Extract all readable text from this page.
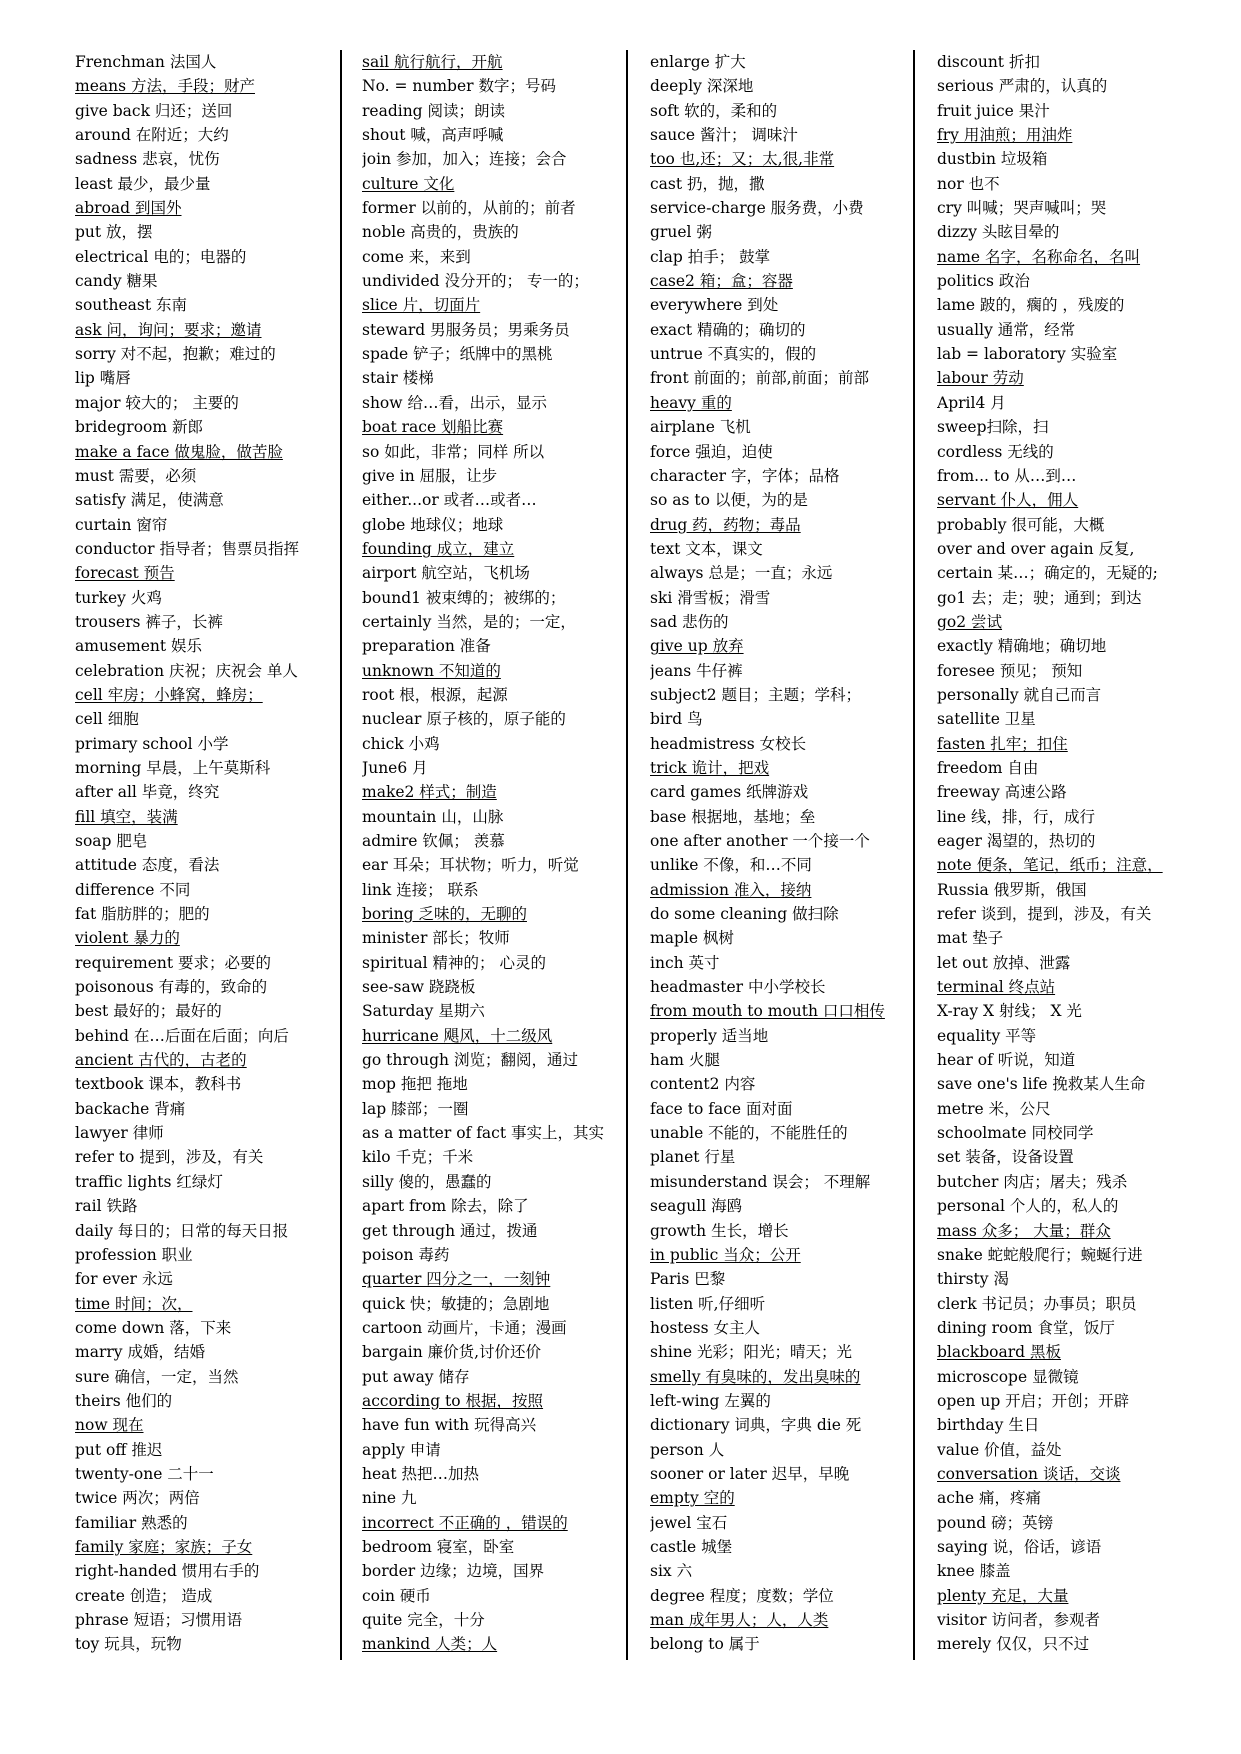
Frenchman 法国人
means 方法，手段；财产
give back 归还；送回
around 在附近；大约
sadness 悲哀，忧伤
least 最少，最少量
abroad 到国外
put 放，摆
electrical 电的；电器的
candy 糖果
southeast 东南
ask 问，询问；要求；邀请
sorry 对不起，抱歉；难过的
lip 嘴唇
major 较大的； 主要的
bridegroom 新郎
make a face 做鬼脸，做苦脸
must 需要，必须
satisfy 满足，使满意
curtain 窗帘
conductor 指导者；售票员指挥
forecast 预告
turkey 火鸡
trousers 裤子，长裤
amusement 娱乐
celebration 庆祝；庆祝会 单人
cell 牢房；小蜂窝，蜂房；
cell 细胞
primary school 小学
morning 早晨，上午莫斯科
after all 毕竟，终究
fill 填空，装满
soap 肥皂
attitude 态度，看法
difference 不同
fat 脂肪胖的；肥的
violent 暴力的
requirement 要求；必要的
poisonous 有毒的，致命的
best 最好的；最好的
behind 在…后面在后面；向后
ancient 古代的，古老的
textbook 课本，教科书
backache 背痛
lawyer 律师
refer to 提到，涉及，有关
traffic lights 红绿灯
rail 铁路
daily 每日的；日常的每天日报
profession 职业
for ever 永远
time 时间；次，
come down 落，下来
marry 成婚，结婚
sure 确信，一定，当然
theirs 他们的
now 现在
put off 推迟
twenty-one 二十一
twice 两次；两倍
familiar 熟悉的
family 家庭；家族；子女
right-handed 惯用右手的
create 创造； 造成
phrase 短语；习惯用语
toy 玩具，玩物
sail 航行航行，开航
No. = number 数字；号码
reading 阅读；朗读
shout 喊，高声呼喊
join 参加，加入；连接；会合
culture 文化
former 以前的，从前的；前者
noble 高贵的，贵族的
come 来，来到
undivided 没分开的； 专一的；
slice 片，切面片
steward 男服务员；男乘务员
spade 铲子；纸牌中的黑桃
stair 楼梯
show 给…看，出示，显示
boat race 划船比赛
so 如此，非常；同样 所以
give in 屈服，让步
either...or 或者…或者…
globe 地球仪；地球
founding 成立，建立
airport 航空站，飞机场
bound1 被束缚的；被绑的；
certainly 当然，是的；一定，
preparation 准备
unknown 不知道的
root 根，根源，起源
nuclear 原子核的，原子能的
chick 小鸡
June6 月
make2 样式；制造
mountain 山，山脉
admire 钦佩； 羡慕
ear 耳朵；耳状物；听力，听觉
link 连接； 联系
boring 乏味的，无聊的
minister 部长；牧师
spiritual 精神的； 心灵的
see-saw 跷跷板
Saturday 星期六
hurricane 飓风，十二级风
go through 浏览；翻阅，通过
mop 拖把 拖地
lap 膝部；一圈
as a matter of fact 事实上，其实
kilo 千克；千米
silly 傻的，愚蠢的
apart from 除去，除了
get through 通过，拨通
poison 毒药
quarter 四分之一，一刻钟
quick 快；敏捷的；急剧地
cartoon 动画片，卡通；漫画
bargain 廉价货,讨价还价
put away 储存
according to 根据，按照
have fun with 玩得高兴
apply 申请
heat 热把…加热
nine 九
incorrect 不正确的 ，错误的
bedroom 寝室，卧室
border 边缘；边境，国界
coin 硬币
quite 完全，十分
mankind 人类；人
enlarge 扩大
deeply 深深地
soft 软的，柔和的
sauce 酱汁； 调味汁
too 也,还；又；太,很,非常
cast 扔，抛，撒
service-charge 服务费，小费
gruel 粥
clap 拍手； 鼓掌
case2 箱；盒；容器
everywhere 到处
exact 精确的；确切的
untrue 不真实的，假的
front 前面的；前部,前面；前部
heavy 重的
airplane 飞机
force 强迫，迫使
character 字，字体；品格
so as to 以便，为的是
drug 药，药物；毒品
text 文本，课文
always 总是；一直；永远
ski 滑雪板；滑雪
sad 悲伤的
give up 放弃
jeans 牛仔裤
subject2 题目；主题；学科；
bird 鸟
headmistress 女校长
trick 诡计，把戏
card games 纸牌游戏
base 根据地，基地；垒
one after another 一个接一个
unlike 不像，和…不同
admission 准入，接纳
do some cleaning 做扫除
maple 枫树
inch 英寸
headmaster 中小学校长
from mouth to mouth 口口相传
properly 适当地
ham 火腿
content2 内容
face to face 面对面
unable 不能的，不能胜任的
planet 行星
misunderstand 误会； 不理解
seagull 海鸥
growth 生长，增长
in public 当众；公开
Paris 巴黎
listen 听,仔细听
hostess 女主人
shine 光彩；阳光；晴天；光
smelly 有臭味的，发出臭味的
left-wing 左翼的
dictionary 词典，字典 die 死
person 人
sooner or later 迟早，早晚
empty 空的
jewel 宝石
castle 城堡
six 六
degree 程度；度数；学位
man 成年男人；人，人类
belong to 属于
discount 折扣
serious 严肃的，认真的
fruit juice 果汁
fry 用油煎；用油炸
dustbin 垃圾箱
nor 也不
cry 叫喊；哭声喊叫；哭
dizzy 头眩目晕的
name 名字，名称命名，名叫
politics 政治
lame 跛的，瘸的 ，残废的
usually 通常，经常
lab = laboratory 实验室
labour 劳动
April4 月
sweep扫除，扫
cordless 无线的
from... to 从…到…
servant 仆人，佣人
probably 很可能，大概
over and over again 反复,
certain 某…；确定的，无疑的;
go1 去；走；驶；通到；到达
go2 尝试
exactly 精确地；确切地
foresee 预见； 预知
personally 就自己而言
satellite 卫星
fasten 扎牢；扣住
freedom 自由
freeway 高速公路
line 线，排，行，成行
eager 渴望的，热切的
note 便条，笔记，纸币；注意，
Russia 俄罗斯，俄国
refer 谈到，提到，涉及，有关
mat 垫子
let out 放掉、泄露
terminal 终点站
X-ray X 射线； X 光
equality 平等
hear of 听说，知道
save one's life 挽救某人生命
metre 米，公尺
schoolmate 同校同学
set 装备，设备设置
butcher 肉店；屠夫；残杀
personal 个人的，私人的
mass 众多； 大量；群众
snake 蛇蛇般爬行；蜿蜒行进
thirsty 渴
clerk 书记员；办事员；职员
dining room 食堂，饭厅
blackboard 黑板
microscope 显微镜
open up 开启；开创；开辟
birthday 生日
value 价值，益处
conversation 谈话，交谈
ache 痛，疼痛
pound 磅；英镑
saying 说，俗话，谚语
knee 膝盖
plenty 充足，大量
visitor 访问者，参观者
merely 仅仅，只不过
